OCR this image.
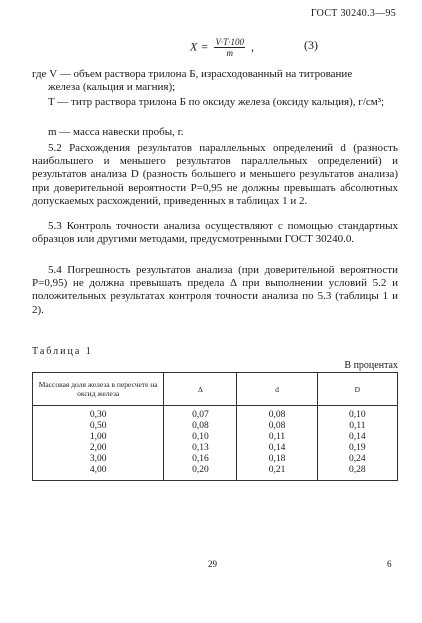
ГОСТ 30240.3—95
$X = \frac{V\cdot T\cdot 100}{m}$ ,	(3)
где V — объем раствора трилона Б, израсходованный на титрование
железа (кальция и магния);
T — титр раствора трилона Б по оксиду железа (оксиду кальция), г/см³;
m — масса навески пробы, г.
5.2 Расхождения результатов параллельных определений d (разность наибольшего и меньшего результатов параллельных определений) и результатов анализа D (разность большего и меньшего результатов анализа) при доверительной вероятности P=0,95 не должны превышать абсолютных допускаемых расхождений, приведенных в таблицах 1 и 2.
5.3 Контроль точности анализа осуществляют с помощью стандартных образцов или другими методами, предусмотренными ГОСТ 30240.0.
5.4 Погрешность результатов анализа (при доверительной вероятности P=0,95) не должна превышать предела Δ при выполнении условий 5.2 и положительных результатах контроля точности анализа по 5.3 (таблицы 1 и 2).
Таблица 1
В процентах
Массовая доля железа в пересчете на оксид железа	Δ	d	D
0,30	0,07	0,08	0,10
0,50	0,08	0,08	0,11
1,00	0,10	0,11	0,14
2,00	0,13	0,14	0,19
3,00	0,16	0,18	0,24
4,00	0,20	0,21	0,28
29	6
